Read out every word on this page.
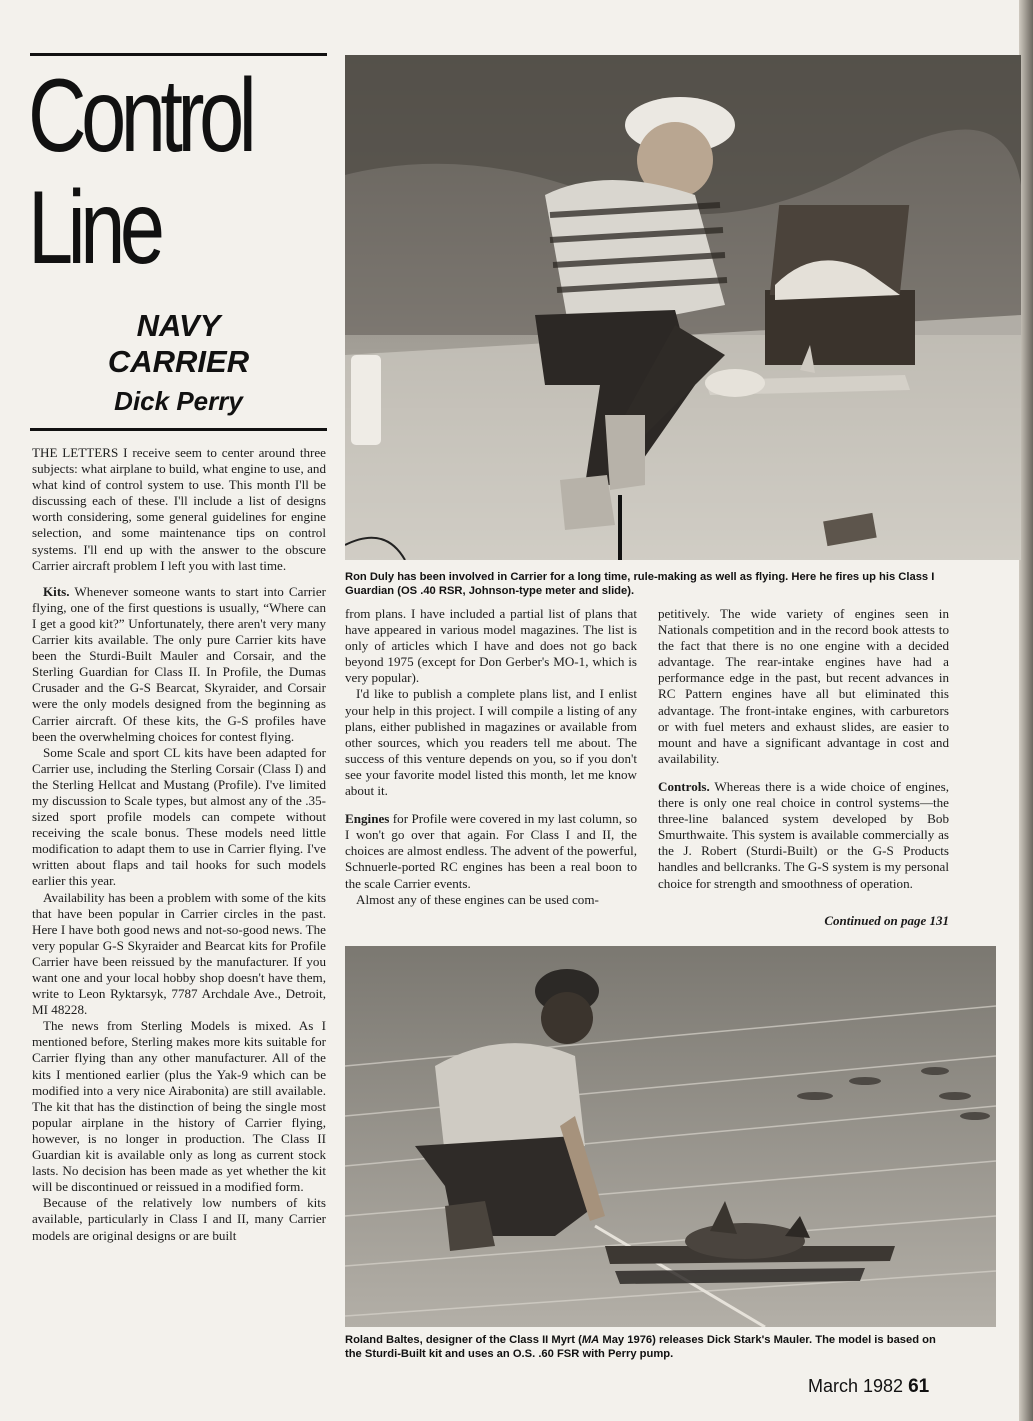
Control
Line
NAVY
CARRIER
Dick Perry

THE LETTERS I receive seem to center around three subjects: what airplane to build, what engine to use, and what kind of control system to use. This month I'll be discussing each of these. I'll include a list of designs worth considering, some general guidelines for engine selection, and some maintenance tips on control systems. I'll end up with the answer to the obscure Carrier aircraft problem I left you with last time.

Kits. Whenever someone wants to start into Carrier flying, one of the first questions is usually, “Where can I get a good kit?” Unfortunately, there aren't very many Carrier kits available. The only pure Carrier kits have been the Sturdi-Built Mauler and Corsair, and the Sterling Guardian for Class II. In Profile, the Dumas Crusader and the G-S Bearcat, Skyraider, and Corsair were the only models designed from the beginning as Carrier aircraft. Of these kits, the G-S profiles have been the overwhelming choices for contest flying.

Some Scale and sport CL kits have been adapted for Carrier use, including the Sterling Corsair (Class I) and the Sterling Hellcat and Mustang (Profile). I've limited my discussion to Scale types, but almost any of the .35-sized sport profile models can compete without receiving the scale bonus. These models need little modification to adapt them to use in Carrier flying. I've written about flaps and tail hooks for such models earlier this year.

Availability has been a problem with some of the kits that have been popular in Carrier circles in the past. Here I have both good news and not-so-good news. The very popular G-S Skyraider and Bearcat kits for Profile Carrier have been reissued by the manufacturer. If you want one and your local hobby shop doesn't have them, write to Leon Ryktarsyk, 7787 Archdale Ave., Detroit, MI 48228.

The news from Sterling Models is mixed. As I mentioned before, Sterling makes more kits suitable for Carrier flying than any other manufacturer. All of the kits I mentioned earlier (plus the Yak-9 which can be modified into a very nice Airabonita) are still available. The kit that has the distinction of being the single most popular airplane in the history of Carrier flying, however, is no longer in production. The Class II Guardian kit is available only as long as current stock lasts. No decision has been made as yet whether the kit will be discontinued or reissued in a modified form.

Because of the relatively low numbers of kits available, particularly in Class I and II, many Carrier models are original designs or are built

Ron Duly has been involved in Carrier for a long time, rule-making as well as flying. Here he fires up his Class I Guardian (OS .40 RSR, Johnson-type meter and slide).

from plans. I have included a partial list of plans that have appeared in various model magazines. The list is only of articles which I have and does not go back beyond 1975 (except for Don Gerber's MO-1, which is very popular).

I'd like to publish a complete plans list, and I enlist your help in this project. I will compile a listing of any plans, either published in magazines or available from other sources, which you readers tell me about. The success of this venture depends on you, so if you don't see your favorite model listed this month, let me know about it.

Engines for Profile were covered in my last column, so I won't go over that again. For Class I and II, the choices are almost endless. The advent of the powerful, Schnuerle-ported RC engines has been a real boon to the scale Carrier events.

Almost any of these engines can be used com-

petitively. The wide variety of engines seen in Nationals competition and in the record book attests to the fact that there is no one engine with a decided advantage. The rear-intake engines have had a performance edge in the past, but recent advances in RC Pattern engines have all but eliminated this advantage. The front-intake engines, with carburetors or with fuel meters and exhaust slides, are easier to mount and have a significant advantage in cost and availability.

Controls. Whereas there is a wide choice of engines, there is only one real choice in control systems—the three-line balanced system developed by Bob Smurthwaite. This system is available commercially as the J. Robert (Sturdi-Built) or the G-S Products handles and bellcranks. The G-S system is my personal choice for strength and smoothness of operation.

Continued on page 131
Roland Baltes, designer of the Class II Myrt (MA May 1976) releases Dick Stark's Mauler. The model is based on the Sturdi-Built kit and uses an O.S. .60 FSR with Perry pump.
March 1982 61
